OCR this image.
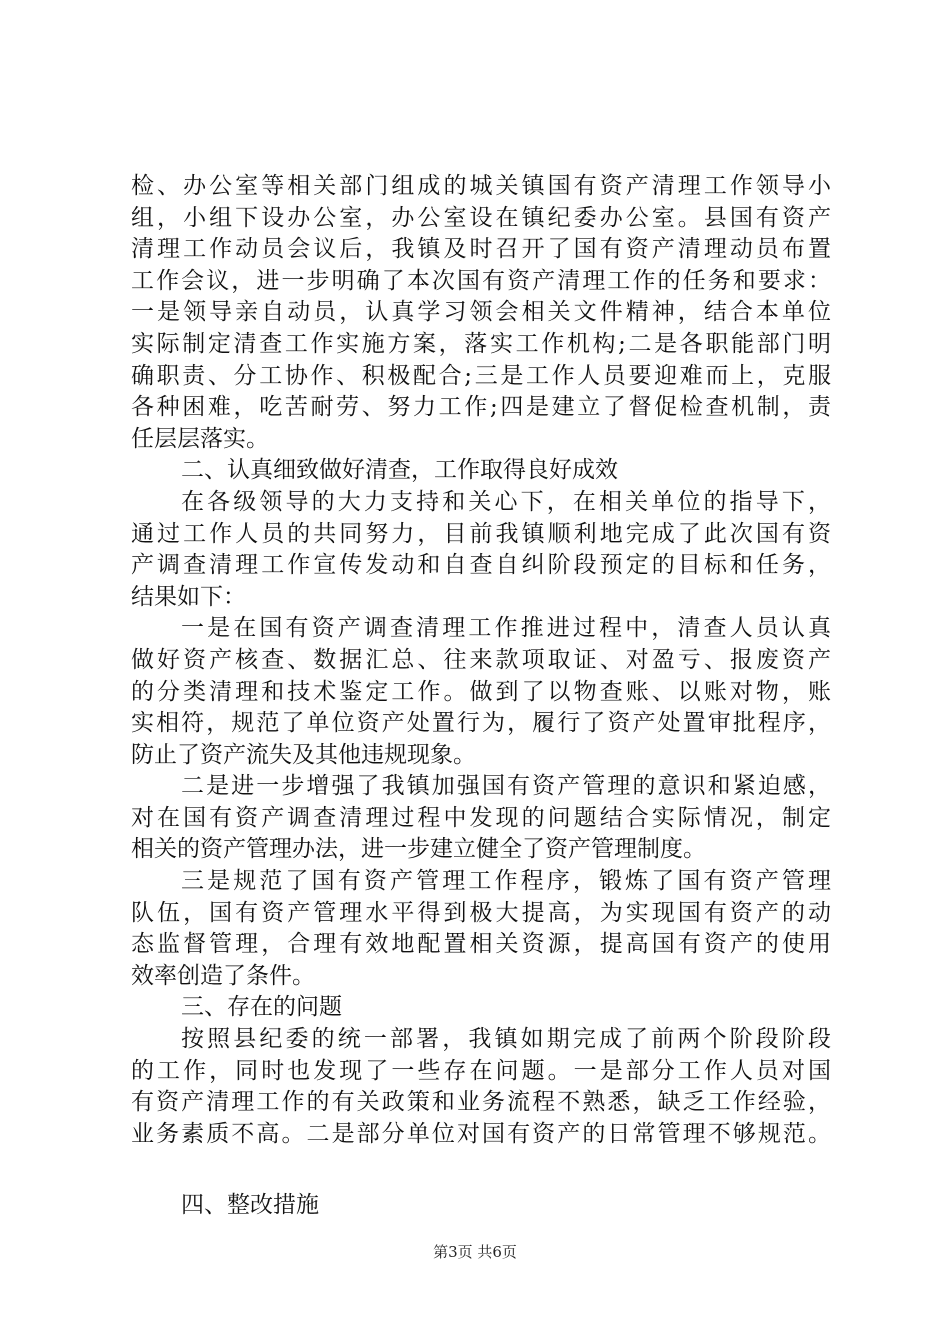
检、办公室等相关部门组成的城关镇国有资产清理工作领导小
组，小组下设办公室，办公室设在镇纪委办公室。县国有资产
清理工作动员会议后，我镇及时召开了国有资产清理动员布置
工作会议，进一步明确了本次国有资产清理工作的任务和要求：
一是领导亲自动员，认真学习领会相关文件精神，结合本单位
实际制定清查工作实施方案，落实工作机构;二是各职能部门明
确职责、分工协作、积极配合;三是工作人员要迎难而上，克服
各种困难，吃苦耐劳、努力工作;四是建立了督促检查机制，责
任层层落实。
二、认真细致做好清查，工作取得良好成效
在各级领导的大力支持和关心下，在相关单位的指导下，
通过工作人员的共同努力，目前我镇顺利地完成了此次国有资
产调查清理工作宣传发动和自查自纠阶段预定的目标和任务，
结果如下：
一是在国有资产调查清理工作推进过程中，清查人员认真
做好资产核查、数据汇总、往来款项取证、对盈亏、报废资产
的分类清理和技术鉴定工作。做到了以物查账、以账对物，账
实相符，规范了单位资产处置行为，履行了资产处置审批程序，
防止了资产流失及其他违规现象。
二是进一步增强了我镇加强国有资产管理的意识和紧迫感，
对在国有资产调查清理过程中发现的问题结合实际情况，制定
相关的资产管理办法，进一步建立健全了资产管理制度。
三是规范了国有资产管理工作程序，锻炼了国有资产管理
队伍，国有资产管理水平得到极大提高，为实现国有资产的动
态监督管理，合理有效地配置相关资源，提高国有资产的使用
效率创造了条件。
三、存在的问题
按照县纪委的统一部署，我镇如期完成了前两个阶段阶段
的工作，同时也发现了一些存在问题。一是部分工作人员对国
有资产清理工作的有关政策和业务流程不熟悉，缺乏工作经验，
业务素质不高。二是部分单位对国有资产的日常管理不够规范。
四、整改措施
第3页 共6页
